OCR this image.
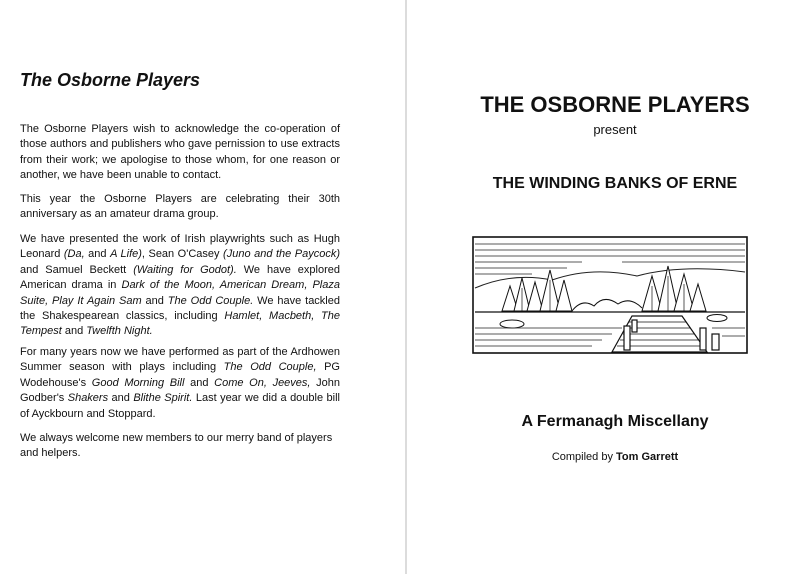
The Osborne Players
The Osborne Players wish to acknowledge the co-operation of those authors and publishers who gave pernission to use extracts from their work; we apologise to those whom, for one reason or another, we have been unable to contact.
This year the Osborne Players are celebrating their 30th anniversary as an amateur drama group.
We have presented the work of Irish playwrights such as Hugh Leonard (Da, and A Life), Sean O'Casey (Juno and the Paycock) and Samuel Beckett (Waiting for Godot). We have explored American drama in Dark of the Moon, American Dream, Plaza Suite, Play It Again Sam and The Odd Couple. We have tackled the Shakespearean classics, including Hamlet, Macbeth, The Tempest and Twelfth Night.
For many years now we have performed as part of the Ardhowen Summer season with plays including The Odd Couple, PG Wodehouse's Good Morning Bill and Come On, Jeeves, John Godber's Shakers and Blithe Spirit. Last year we did a double bill of Ayckbourn and Stoppard.
We always welcome new members to our merry band of players and helpers.
THE OSBORNE PLAYERS
present
THE WINDING BANKS OF ERNE
A Fermanagh Miscellany
Compiled by Tom Garrett
